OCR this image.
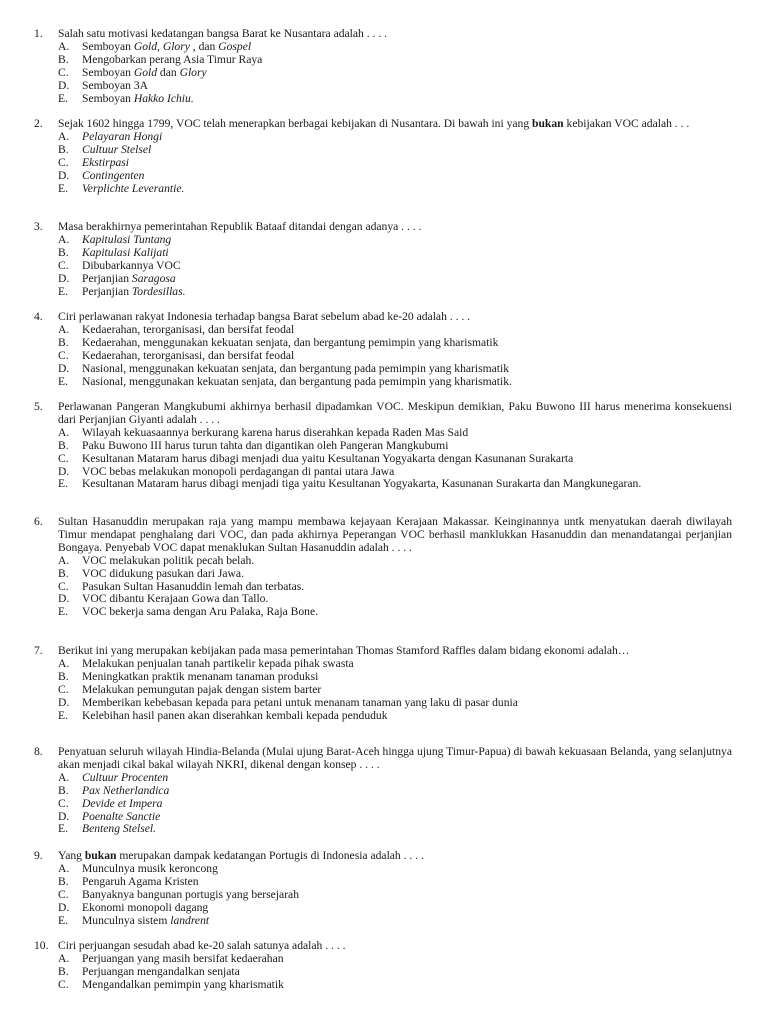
1. Salah satu motivasi kedatangan bangsa Barat ke Nusantara adalah . . . .
A.	Semboyan Gold, Glory , dan Gospel
B.	Mengobarkan perang Asia Timur Raya
C.	Semboyan Gold dan Glory
D.	Semboyan 3A
E.	Semboyan Hakko Ichiu.
2. Sejak 1602 hingga 1799, VOC telah menerapkan berbagai kebijakan di Nusantara. Di bawah ini yang bukan kebijakan VOC adalah . . .
A.	Pelayaran Hongi
B.	Cultuur Stelsel
C.	Ekstirpasi
D.	Contingenten
E.	Verplichte Leverantie.
3. Masa berakhirnya pemerintahan Republik Bataaf ditandai dengan adanya . . . .
A.	Kapitulasi Tuntang
B.	Kapitulasi Kalijati
C.	Dibubarkannya VOC
D.	Perjanjian Saragosa
E.	Perjanjian Tordesillas.
4. Ciri perlawanan rakyat Indonesia terhadap bangsa Barat sebelum abad ke-20 adalah . . . .
A.	Kedaerahan, terorganisasi, dan bersifat feodal
B.	Kedaerahan, menggunakan kekuatan senjata, dan bergantung pemimpin yang kharismatik
C.	Kedaerahan, terorganisasi, dan bersifat feodal
D.	Nasional, menggunakan kekuatan senjata, dan bergantung pada pemimpin yang kharismatik
E.	Nasional, menggunakan kekuatan senjata, dan bergantung pada pemimpin yang kharismatik.
5. Perlawanan Pangeran Mangkubumi akhirnya berhasil dipadamkan VOC. Meskipun demikian, Paku Buwono III harus menerima konsekuensi dari Perjanjian Giyanti adalah . . . .
A.	Wilayah kekuasaannya berkurang karena harus diserahkan kepada Raden Mas Said
B.	Paku Buwono III harus turun tahta dan digantikan oleh Pangeran Mangkubumi
C.	Kesultanan Mataram harus dibagi menjadi dua yaitu Kesultanan Yogyakarta dengan Kasunanan Surakarta
D.	VOC bebas melakukan monopoli perdagangan di pantai utara Jawa
E.	Kesultanan Mataram harus dibagi menjadi tiga yaitu Kesultanan Yogyakarta, Kasunanan Surakarta dan Mangkunegaran.
6. Sultan Hasanuddin merupakan raja yang mampu membawa kejayaan Kerajaan Makassar. Keinginannya untk menyatukan daerah diwilayah Timur mendapat penghalang dari VOC, dan pada akhirnya Peperangan VOC berhasil manklukkan Hasanuddin dan menandatangai perjanjian Bongaya. Penyebab VOC dapat menaklukan Sultan Hasanuddin adalah . . . .
A.	VOC melakukan politik pecah belah.
B.	VOC didukung pasukan dari Jawa.
C.	Pasukan Sultan Hasanuddin lemah dan terbatas.
D.	VOC dibantu Kerajaan Gowa dan Tallo.
E.	VOC bekerja sama dengan Aru Palaka, Raja Bone.
7. Berikut ini yang merupakan kebijakan pada masa pemerintahan Thomas Stamford Raffles dalam bidang ekonomi adalah…
A.	Melakukan penjualan tanah partikelir kepada pihak swasta
B.	Meningkatkan praktik menanam tanaman produksi
C.	Melakukan pemungutan pajak dengan sistem barter
D.	Memberikan kebebasan kepada para petani untuk menanam tanaman yang laku di pasar dunia
E.	Kelebihan hasil panen akan diserahkan kembali kepada penduduk
8. Penyatuan seluruh wilayah Hindia-Belanda (Mulai ujung Barat-Aceh hingga ujung Timur-Papua) di bawah kekuasaan Belanda, yang selanjutnya akan menjadi cikal bakal wilayah NKRI, dikenal dengan konsep . . . .
A.	Cultuur Procenten
B.	Pax Netherlandica
C.	Devide et Impera
D.	Poenalte Sanctie
E.	Benteng Stelsel.
9. Yang bukan merupakan dampak kedatangan Portugis di Indonesia adalah . . . .
A.	Munculnya musik keroncong
B.	Pengaruh Agama Kristen
C.	Banyaknya bangunan portugis yang bersejarah
D.	Ekonomi monopoli dagang
E.	Munculnya sistem landrent
10. Ciri perjuangan sesudah abad ke-20 salah satunya adalah . . . .
A.	Perjuangan yang masih bersifat kedaerahan
B.	Perjuangan mengandalkan senjata
C.	Mengandalkan pemimpin yang kharismatik
